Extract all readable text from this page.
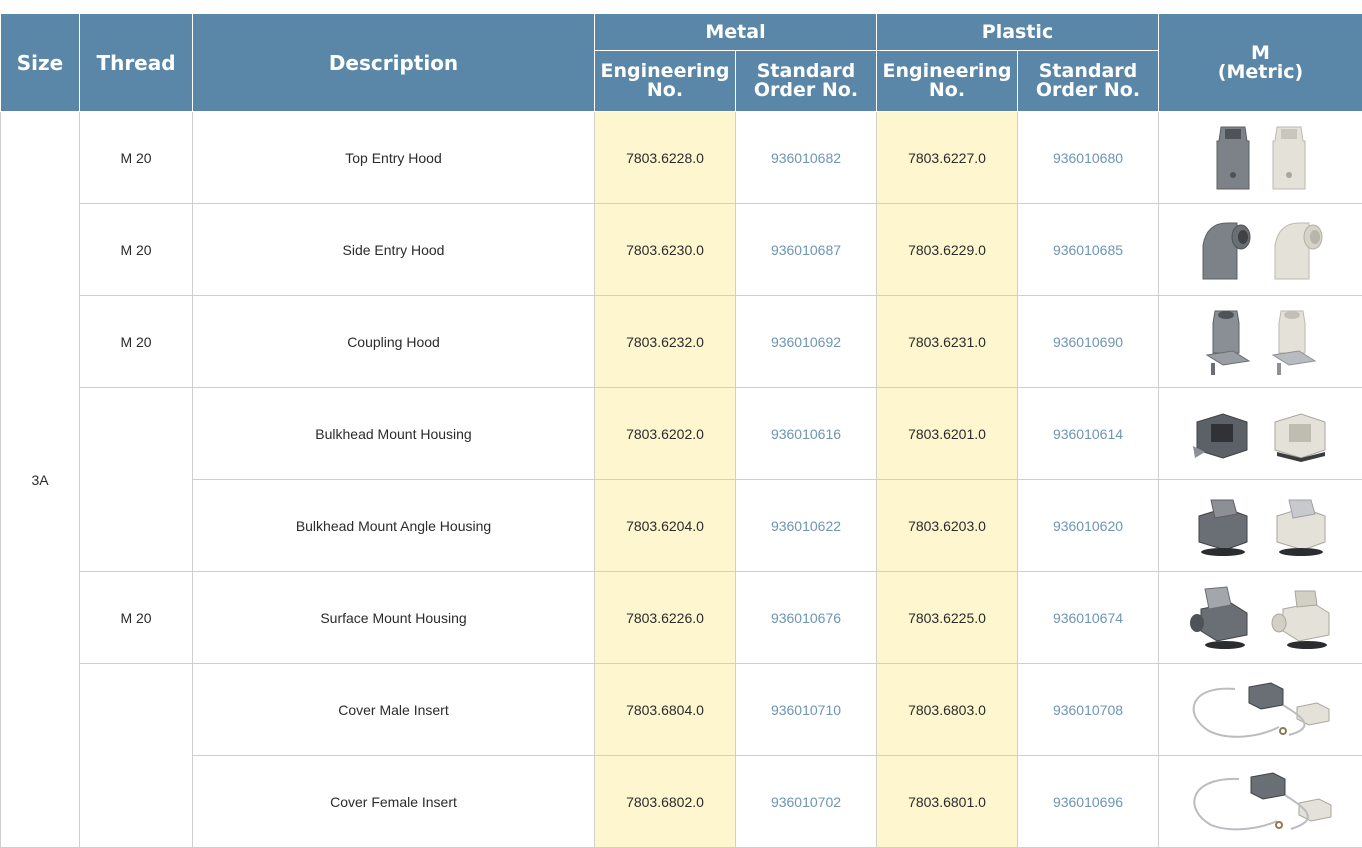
Size	Thread	Description	Metal		Plastic		M
(Metric)
			Engineering No.	Standard Order No.	Engineering No.	Standard Order No.	
3A	M 20	Top Entry Hood	7803.6228.0	936010682	7803.6227.0	936010680	

	M 20	Side Entry Hood	7803.6230.0	936010687	7803.6229.0	936010685	

	M 20	Coupling Hood	7803.6232.0	936010692	7803.6231.0	936010690	

		Bulkhead Mount Housing	7803.6202.0	936010616	7803.6201.0	936010614	

		Bulkhead Mount Angle Housing	7803.6204.0	936010622	7803.6203.0	936010620	

	M 20	Surface Mount Housing	7803.6226.0	936010676	7803.6225.0	936010674	

		Cover Male Insert	7803.6804.0	936010710	7803.6803.0	936010708	

		Cover Female Insert	7803.6802.0	936010702	7803.6801.0	936010696	
